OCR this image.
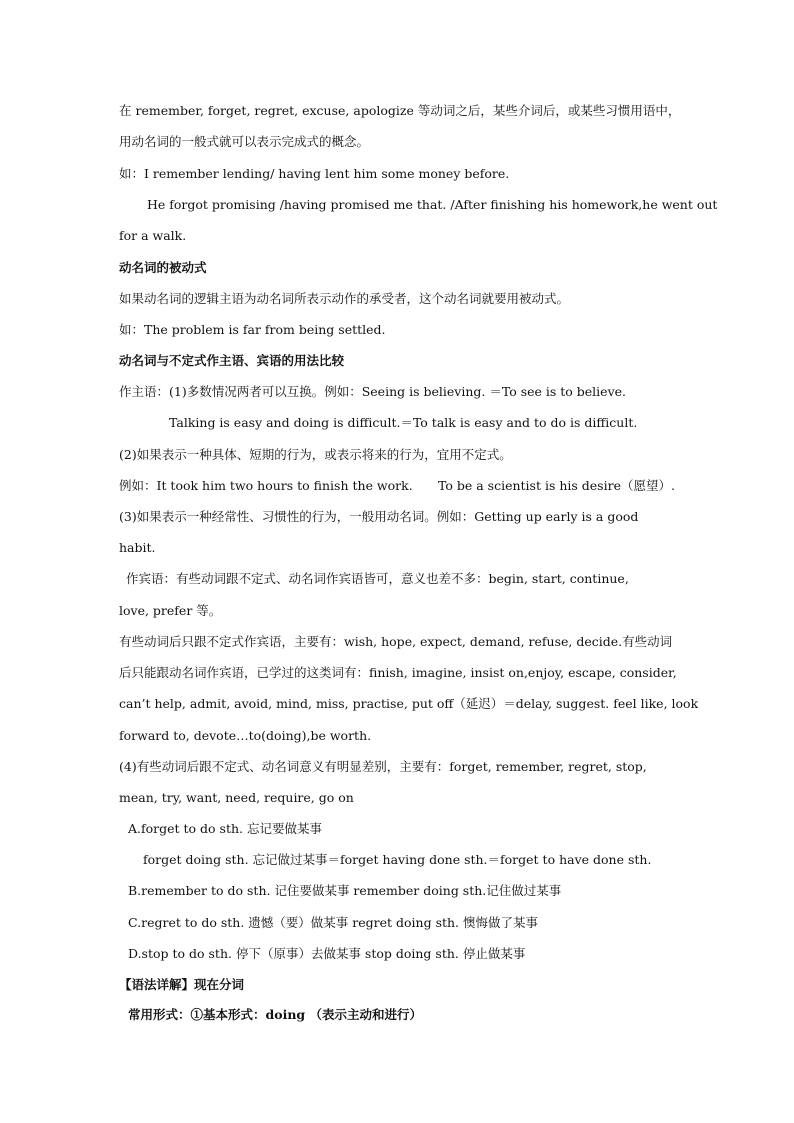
在 remember, forget, regret, excuse, apologize 等动词之后，某些介词后，或某些习惯用语中，
用动名词的一般式就可以表示完成式的概念。
如：I remember lending/ having lent him some money before.
He forgot promising /having promised me that. /After finishing his homework,he went out
for a walk.
动名词的被动式
如果动名词的逻辑主语为动名词所表示动作的承受者，这个动名词就要用被动式。
如：The problem is far from being settled.
动名词与不定式作主语、宾语的用法比较
作主语：(1)多数情况两者可以互换。例如：Seeing is believing. ＝To see is to believe.
Talking is easy and doing is difficult.＝To talk is easy and to do is difficult.
(2)如果表示一种具体、短期的行为，或表示将来的行为，宜用不定式。
例如：It took him two hours to finish the work. To be a scientist is his desire（愿望）.
(3)如果表示一种经常性、习惯性的行为，一般用动名词。例如：Getting up early is a good
habit.
作宾语：有些动词跟不定式、动名词作宾语皆可，意义也差不多：begin, start, continue,
love, prefer 等。
有些动词后只跟不定式作宾语，主要有：wish, hope, expect, demand, refuse, decide.有些动词
后只能跟动名词作宾语，已学过的这类词有：finish, imagine, insist on,enjoy, escape, consider,
can’t help, admit, avoid, mind, miss, practise, put off（延迟）＝delay, suggest. feel like, look
forward to, devote…to(doing),be worth.
(4)有些动词后跟不定式、动名词意义有明显差别，主要有：forget, remember, regret, stop,
mean, try, want, need, require, go on
A.forget to do sth. 忘记要做某事
forget doing sth. 忘记做过某事＝forget having done sth.＝forget to have done sth.
B.remember to do sth. 记住要做某事 remember doing sth.记住做过某事
C.regret to do sth. 遗憾（要）做某事 regret doing sth. 懊悔做了某事
D.stop to do sth. 停下（原事）去做某事 stop doing sth. 停止做某事
【语法详解】现在分词
常用形式：①基本形式：doing （表示主动和进行）
